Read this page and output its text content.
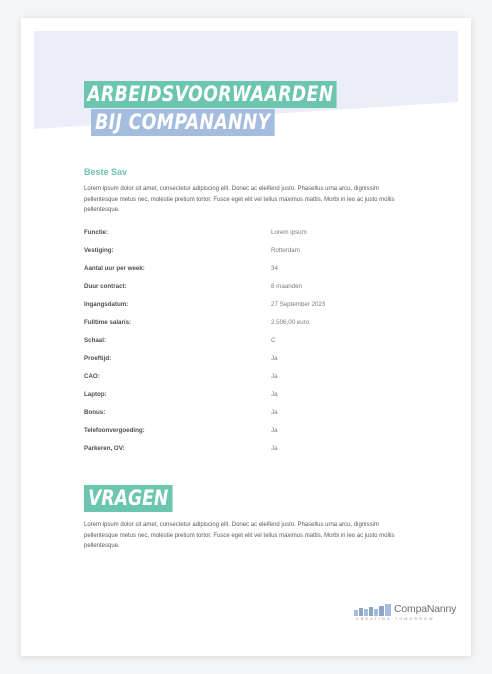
ARBEIDSVOORWAARDEN
BIJ COMPANANNY
Beste Sav
Lorem ipsum dolor sit amet, consectetur adipiscing elit. Donec ac eleifend justo. Phasellus urna arcu, dignissim pellentesque metus nec, molestie pretium tortor. Fusce eget elit vel tellus maximus mattis. Morbi in leo ac justo mollis pellentesque.
Functie:	Lorem ipsum
Vestiging:	Rotterdam
Aantal uur per week:	34
Duur contract:	8 maanden
Ingangsdatum:	27 September 2023
Fulltime salaris:	2.506,00 euro
Schaal:	C
Proeftijd:	Ja
CAO:	Ja
Laptop:	Ja
Bonus:	Ja
Telefoonvergoeding:	Ja
Parkeren, OV:	Ja
VRAGEN
Lorem ipsum dolor sit amet, consectetur adipiscing elit. Donec ac eleifend justo. Phasellus urna arcu, dignissim pellentesque metus nec, molestie pretium tortor. Fusce eget elit vel tellus maximus mattis. Morbi in leo ac justo mollis pellentesque.
CompaNanny
CREATING TOMORROW
